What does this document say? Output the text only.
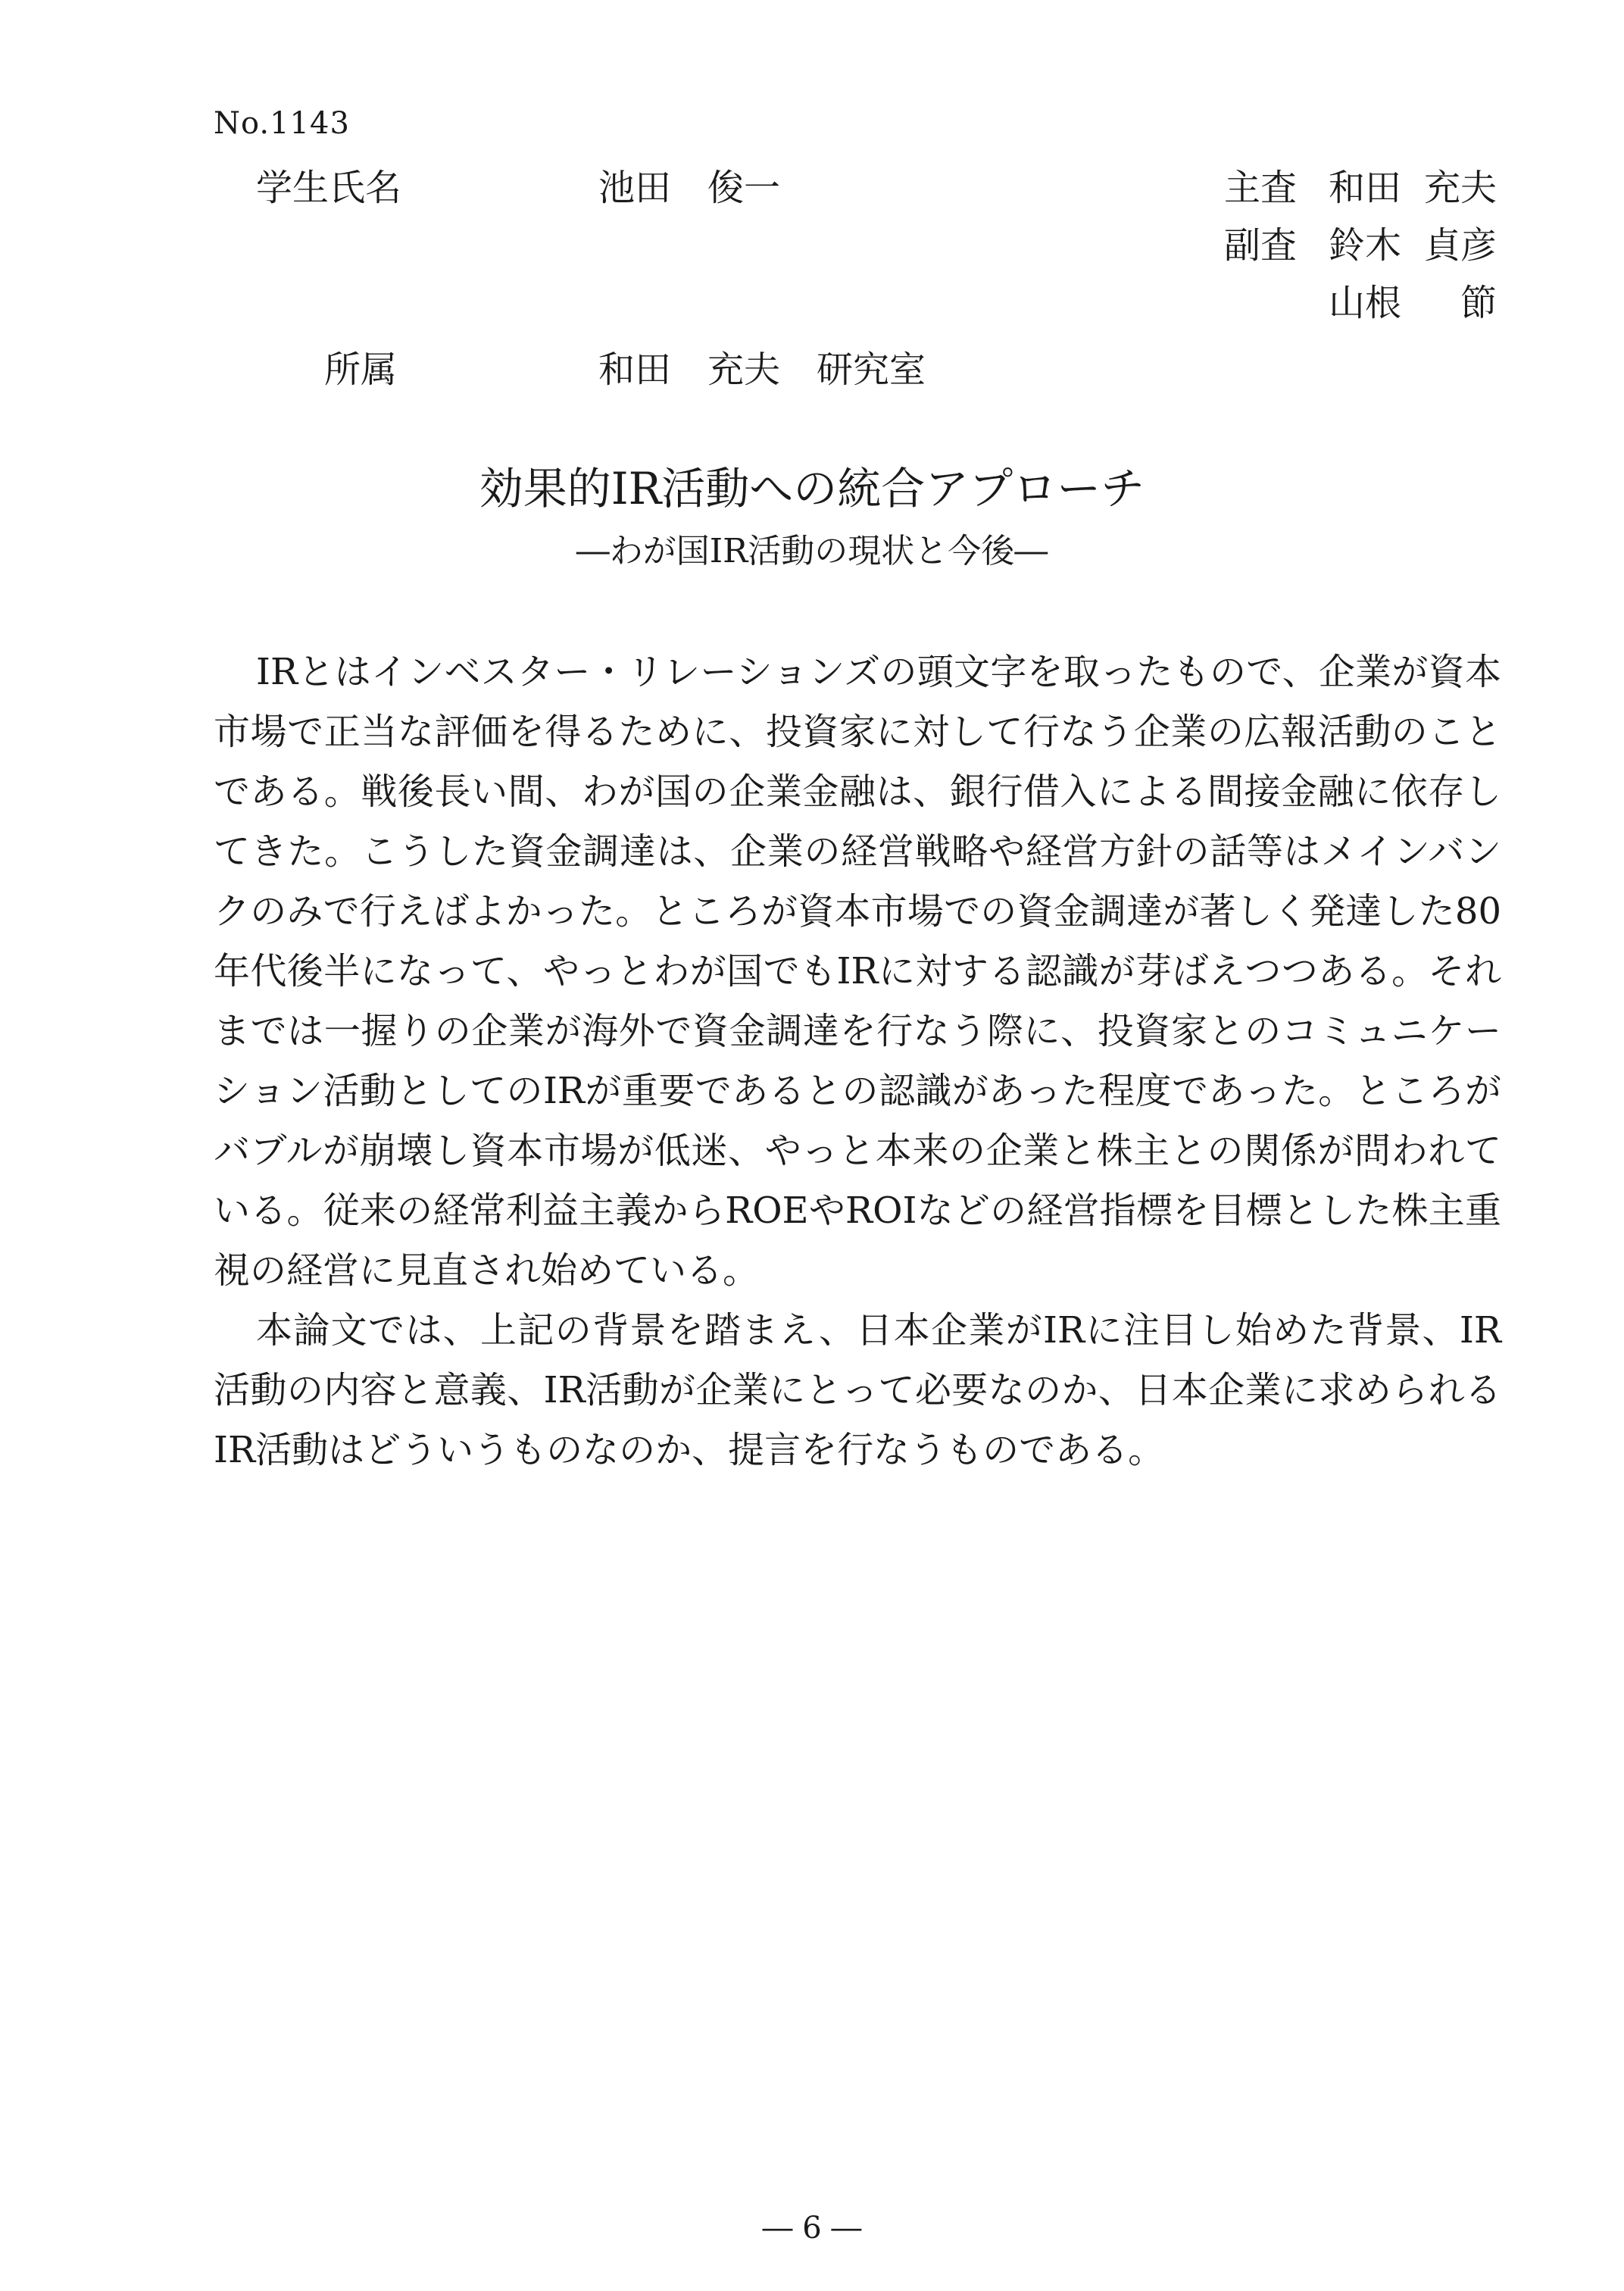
No.1143
学生氏名	池田　俊一	主査 和田 充夫
副査 鈴木 貞彦
山根 節
所属	和田　充夫　研究室
効果的IR活動への統合アプローチ
―わが国IR活動の現状と今後―

IRとはインベスター・リレーションズの頭文字を取ったもので、企業が資本市場で正当な評価を得るために、投資家に対して行なう企業の広報活動のことである。戦後長い間、わが国の企業金融は、銀行借入による間接金融に依存してきた。こうした資金調達は、企業の経営戦略や経営方針の話等はメインバンクのみで行えばよかった。ところが資本市場での資金調達が著しく発達した80年代後半になって、やっとわが国でもIRに対する認識が芽ばえつつある。それまでは一握りの企業が海外で資金調達を行なう際に、投資家とのコミュニケーション活動としてのIRが重要であるとの認識があった程度であった。ところがバブルが崩壊し資本市場が低迷、やっと本来の企業と株主との関係が問われている。従来の経常利益主義からROEやROIなどの経営指標を目標とした株主重視の経営に見直され始めている。

本論文では、上記の背景を踏まえ、日本企業がIRに注目し始めた背景、IR活動の内容と意義、IR活動が企業にとって必要なのか、日本企業に求められるIR活動はどういうものなのか、提言を行なうものである。

― 6 ―
